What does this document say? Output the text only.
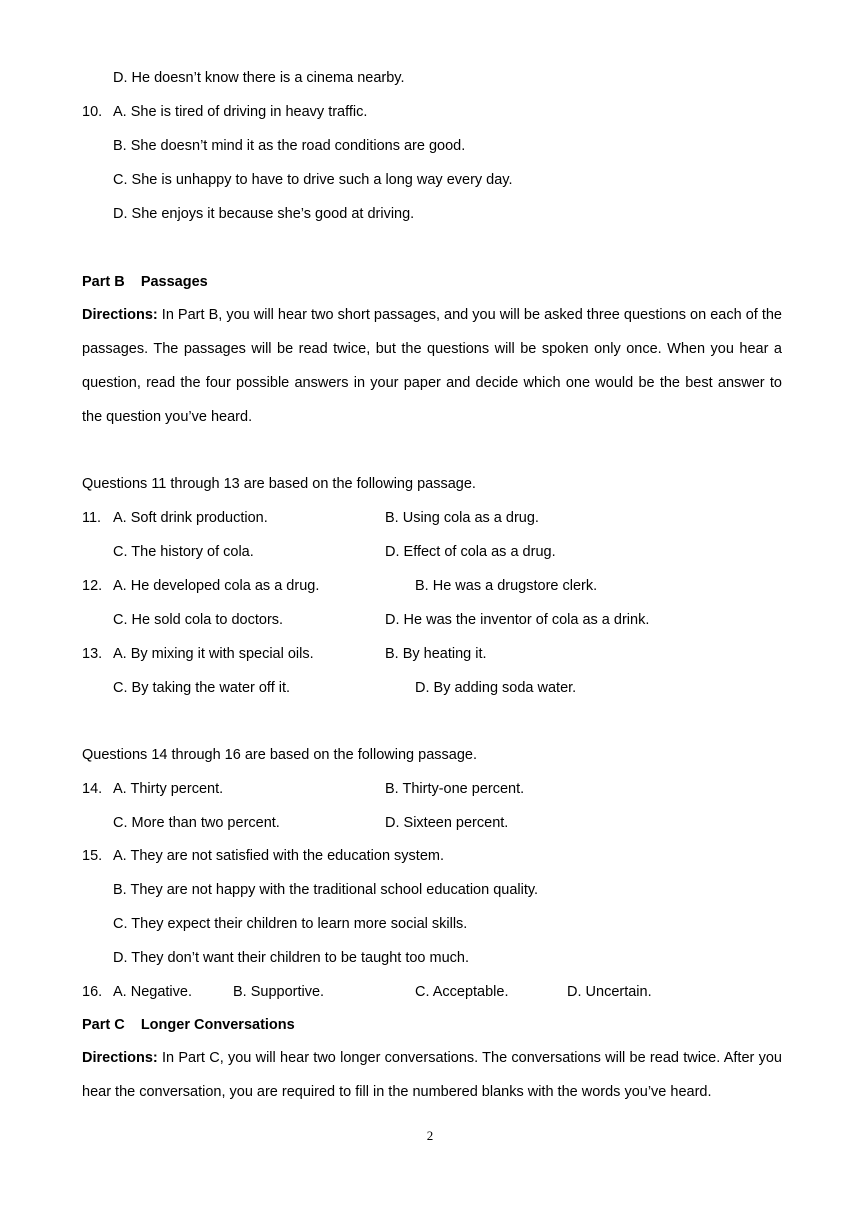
D. He doesn’t know there is a cinema nearby.
10. A. She is tired of driving in heavy traffic.
B. She doesn’t mind it as the road conditions are good.
C. She is unhappy to have to drive such a long way every day.
D. She enjoys it because she’s good at driving.
Part B    Passages
Directions: In Part B, you will hear two short passages, and you will be asked three questions on each of the passages. The passages will be read twice, but the questions will be spoken only once. When you hear a question, read the four possible answers in your paper and decide which one would be the best answer to the question you’ve heard.
Questions 11 through 13 are based on the following passage.
11. A. Soft drink production.	B. Using cola as a drug.
C. The history of cola.	D. Effect of cola as a drug.
12. A. He developed cola as a drug.	B. He was a drugstore clerk.
C. He sold cola to doctors.	D. He was the inventor of cola as a drink.
13. A. By mixing it with special oils.	B. By heating it.
C. By taking the water off it.	D. By adding soda water.
Questions 14 through 16 are based on the following passage.
14. A. Thirty percent.	B. Thirty-one percent.
C. More than two percent.	D. Sixteen percent.
15. A. They are not satisfied with the education system.
B. They are not happy with the traditional school education quality.
C. They expect their children to learn more social skills.
D. They don’t want their children to be taught too much.
16. A. Negative.	B. Supportive.	C. Acceptable.	D. Uncertain.
Part C    Longer Conversations
Directions: In Part C, you will hear two longer conversations. The conversations will be read twice. After you hear the conversation, you are required to fill in the numbered blanks with the words you’ve heard.
2
